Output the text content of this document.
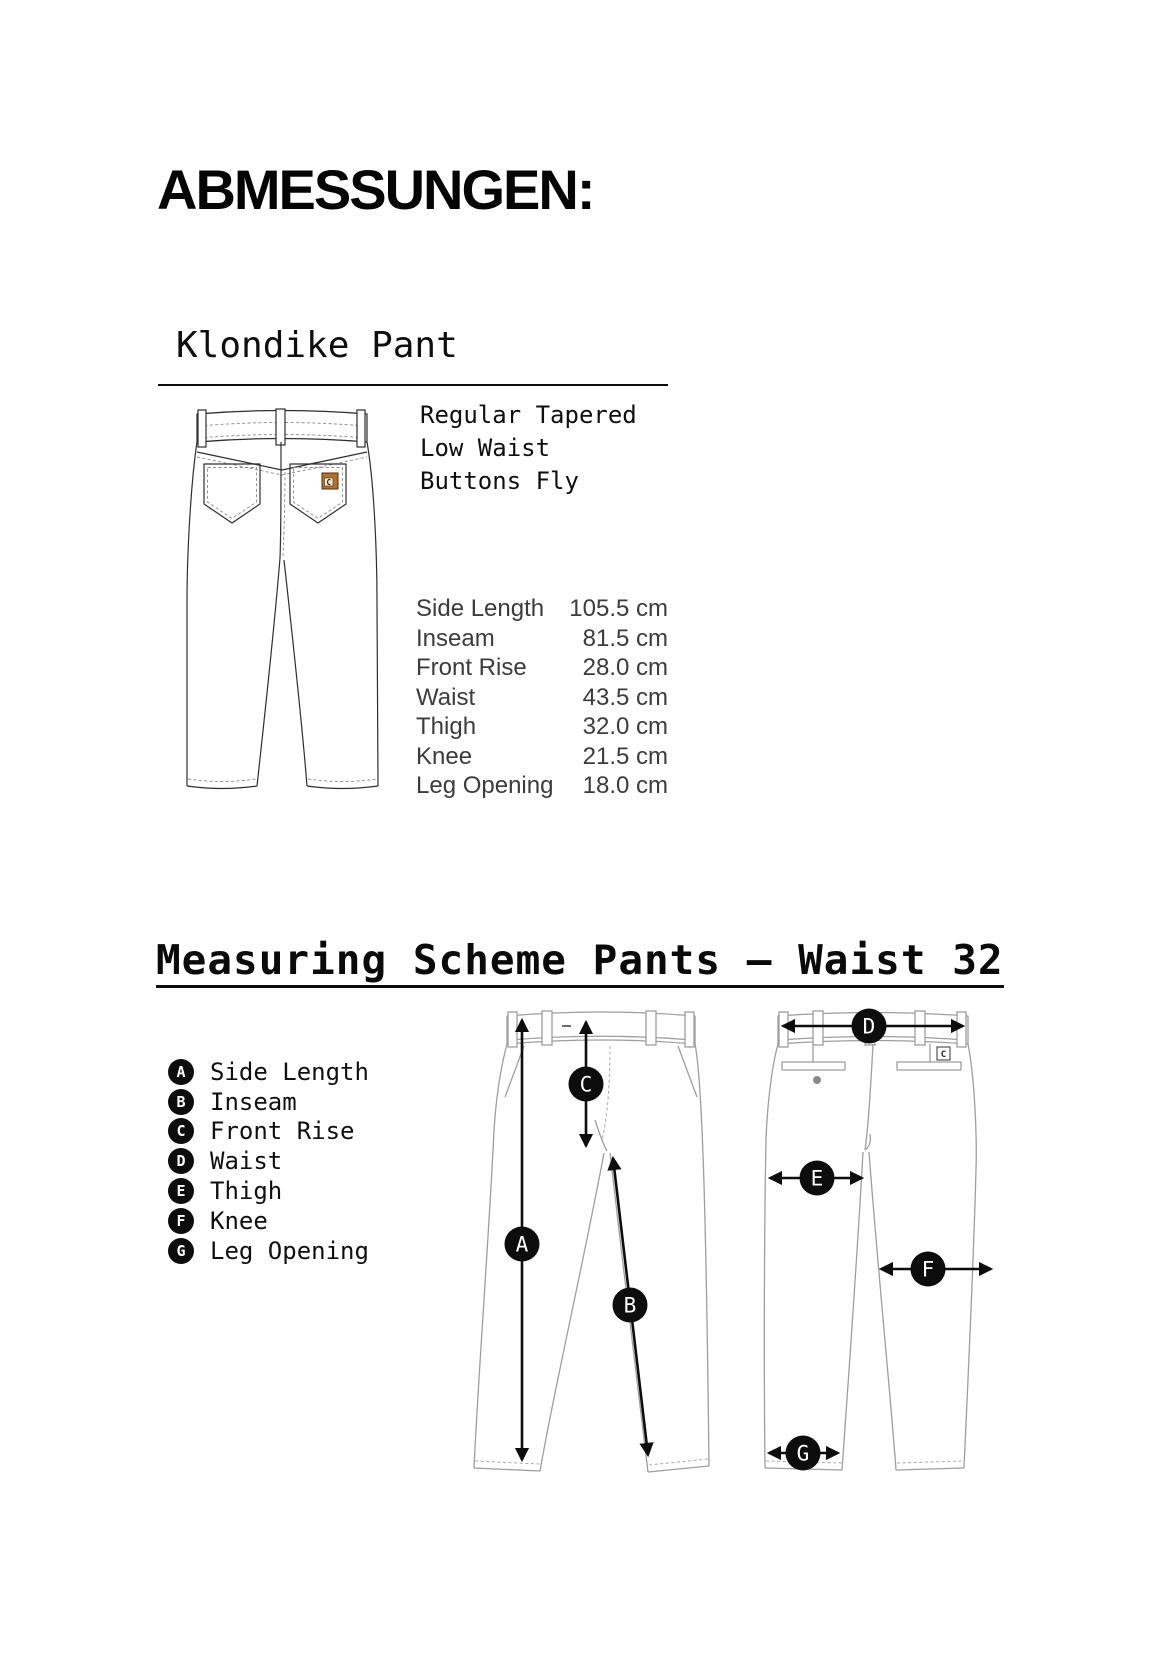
ABMESSUNGEN:
Klondike Pant
C
Regular Tapered
Low Waist
Buttons Fly
Side Length 105.5 cm
Inseam	81.5 cm
Front Rise 28.0 cm
Waist	43.5 cm
Thigh	32.0 cm
Knee	21.5 cm
Leg Opening 18.0 cm
Measuring Scheme Pants – Waist 32
A	Side Length
B	Inseam
C	Front Rise
D	Waist
E	Thigh
F	Knee
G	Leg Opening
C
A
B
C
D
E
F
G
